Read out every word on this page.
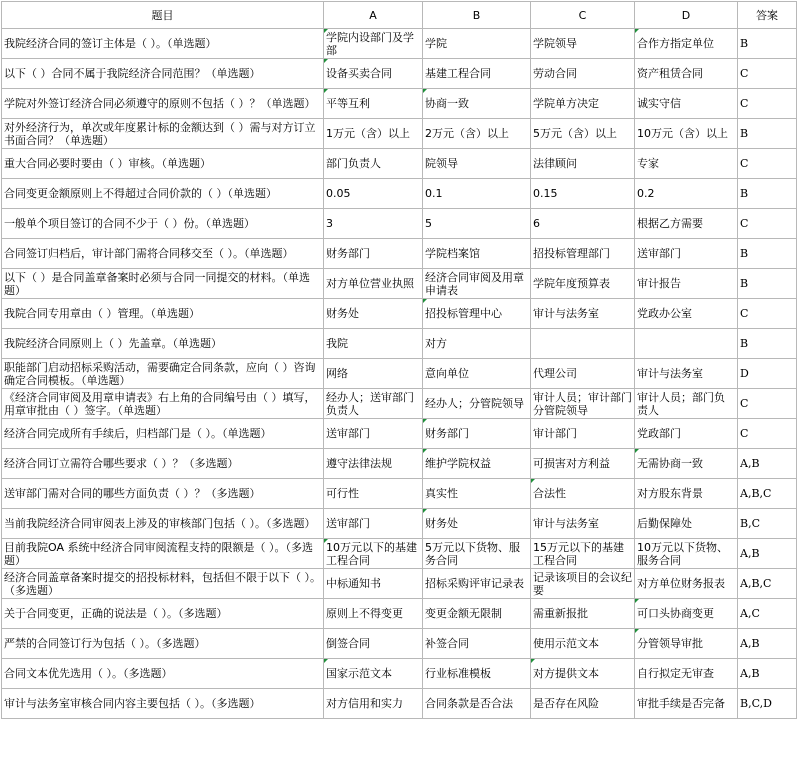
题目	A	B	C	D	答案

我院经济合同的签订主体是（ ）。（单选题）	学院内设部门及学部	学院	学院领导	合作方指定单位	B

以下（ ）合同不属于我院经济合同范围？（单选题）	设备买卖合同	基建工程合同	劳动合同	资产租赁合同	C

学院对外签订经济合同必须遵守的原则不包括（ ）？（单选题）	平等互利	协商一致	学院单方决定	诚实守信	C

对外经济行为，单次或年度累计标的金额达到（ ）需与对方订立书面合同？（单选题）	1万元（含）以上	2万元（含）以上	5万元（含）以上	10万元（含）以上	B

重大合同必要时要由（ ）审核。（单选题）	部门负责人	院领导	法律顾问	专家	C

合同变更金额原则上不得超过合同价款的（ ）（单选题）	0.05	0.1	0.15	0.2	B

一般单个项目签订的合同不少于（ ）份。（单选题）	3	5	6	根据乙方需要	C

合同签订归档后，审计部门需将合同移交至（ ）。（单选题）	财务部门	学院档案馆	招投标管理部门	送审部门	B

以下（ ）是合同盖章备案时必须与合同一同提交的材料。（单选题）	对方单位营业执照	经济合同审阅及用章申请表	学院年度预算表	审计报告	B

我院合同专用章由（ ）管理。（单选题）	财务处	招投标管理中心	审计与法务室	党政办公室	C

我院经济合同原则上（ ）先盖章。（单选题）	我院	对方			B

职能部门启动招标采购活动，需要确定合同条款，应向（ ）咨询确定合同模板。（单选题）	网络	意向单位	代理公司	审计与法务室	D

《经济合同审阅及用章申请表》右上角的合同编号由（ ）填写，用章审批由（ ）签字。（单选题）	经办人；送审部门负责人	经办人；分管院领导	审计人员；审计部门分管院领导	审计人员；部门负责人	C

经济合同完成所有手续后，归档部门是（ ）。（单选题）	送审部门	财务部门	审计部门	党政部门	C

经济合同订立需符合哪些要求（ ）？（多选题）	遵守法律法规	维护学院权益	可损害对方利益	无需协商一致	A,B

送审部门需对合同的哪些方面负责（ ）？（多选题）	可行性	真实性	合法性	对方股东背景	A,B,C

当前我院经济合同审阅表上涉及的审核部门包括（ ）。（多选题）	送审部门	财务处	审计与法务室	后勤保障处	B,C

目前我院OA 系统中经济合同审阅流程支持的限额是（ ）。（多选题）	10万元以下的基建工程合同	5万元以下货物、服务合同	15万元以下的基建工程合同	10万元以下货物、服务合同	A,B

经济合同盖章备案时提交的招投标材料，包括但不限于以下（ ）。（多选题）	中标通知书	招标采购评审记录表	记录该项目的会议纪要	对方单位财务报表	A,B,C

关于合同变更，正确的说法是（ ）。（多选题）	原则上不得变更	变更金额无限制	需重新报批	可口头协商变更	A,C

严禁的合同签订行为包括（ ）。（多选题）	倒签合同	补签合同	使用示范文本	分管领导审批	A,B

合同文本优先选用（ ）。（多选题）	国家示范文本	行业标准模板	对方提供文本	自行拟定无审查	A,B

审计与法务室审核合同内容主要包括（ ）。（多选题）	对方信用和实力	合同条款是否合法	是否存在风险	审批手续是否完备	B,C,D
